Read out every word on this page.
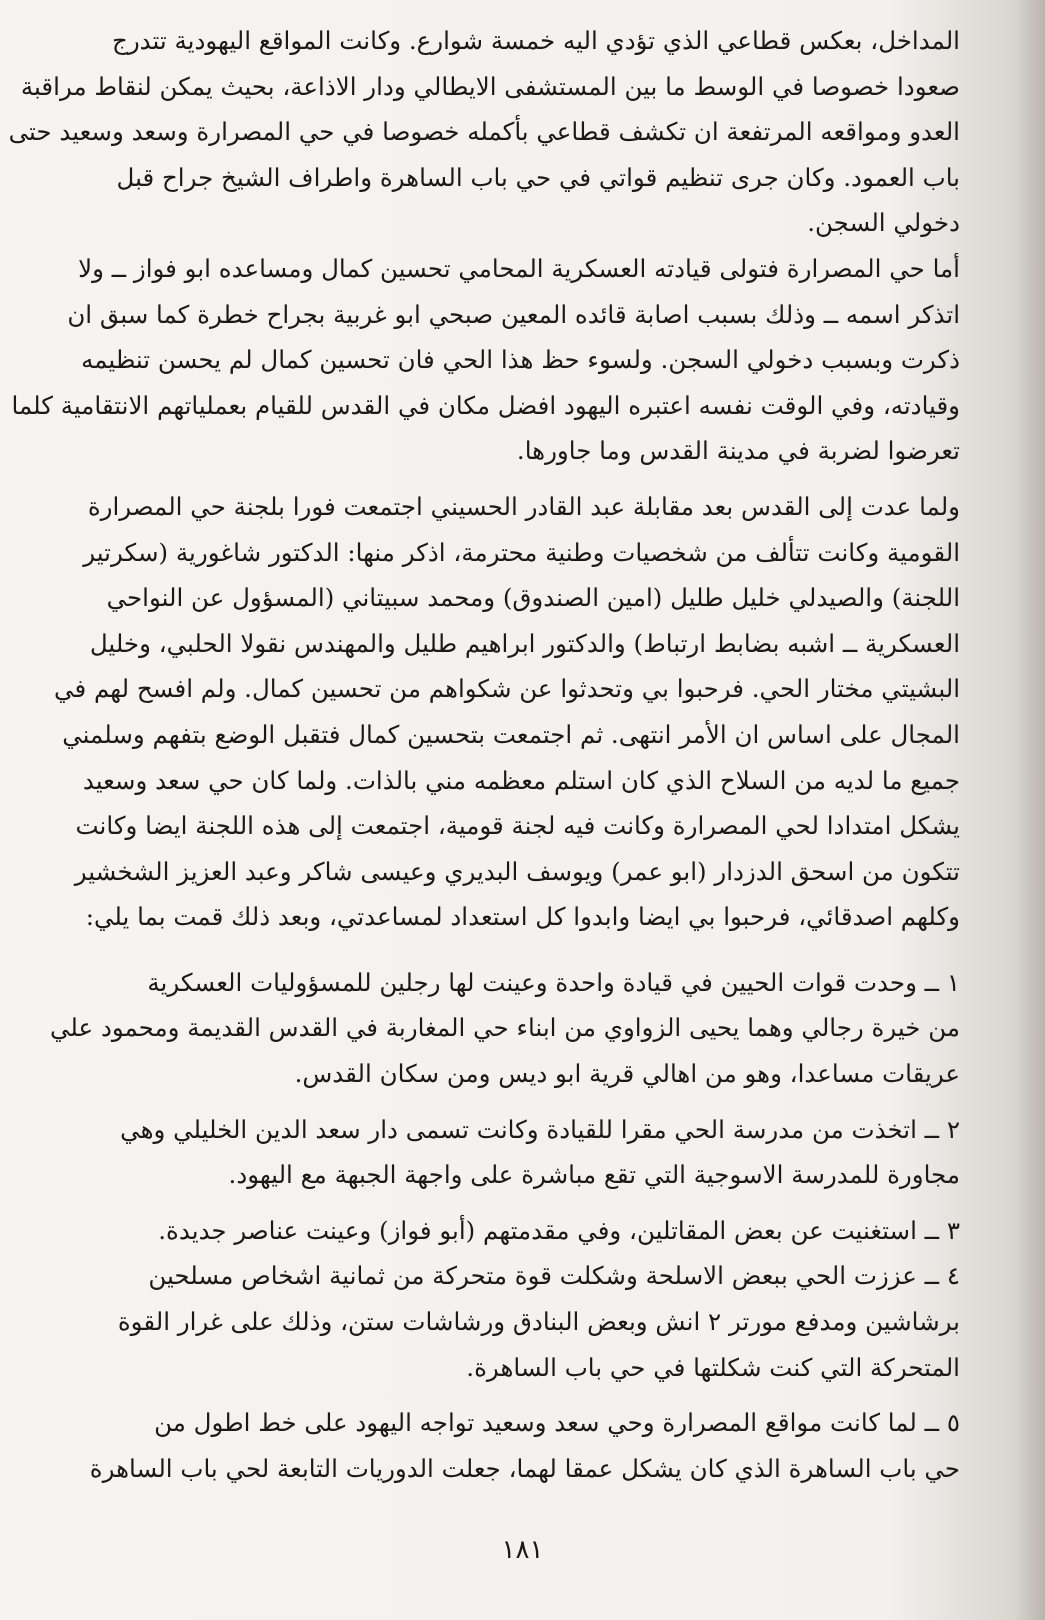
المداخل، بعكس قطاعي الذي تؤدي اليه خمسة شوارع. وكانت المواقع اليهودية تتدرج
صعودا خصوصا في الوسط ما بين المستشفى الايطالي ودار الاذاعة، بحيث يمكن لنقاط مراقبة
العدو ومواقعه المرتفعة ان تكشف قطاعي بأكمله خصوصا في حي المصرارة وسعد وسعيد حتى
باب العمود. وكان جرى تنظيم قواتي في حي باب الساهرة واطراف الشيخ جراح قبل
دخولي السجن.

أما حي المصرارة فتولى قيادته العسكرية المحامي تحسين كمال ومساعده ابو فواز ــ ولا
اتذكر اسمه ــ وذلك بسبب اصابة قائده المعين صبحي ابو غربية بجراح خطرة كما سبق ان
ذكرت وبسبب دخولي السجن. ولسوء حظ هذا الحي فان تحسين كمال لم يحسن تنظيمه
وقيادته، وفي الوقت نفسه اعتبره اليهود افضل مكان في القدس للقيام بعملياتهم الانتقامية كلما
تعرضوا لضربة في مدينة القدس وما جاورها.

ولما عدت إلى القدس بعد مقابلة عبد القادر الحسيني اجتمعت فورا بلجنة حي المصرارة
القومية وكانت تتألف من شخصيات وطنية محترمة، اذكر منها: الدكتور شاغورية (سكرتير
اللجنة) والصيدلي خليل طليل (امين الصندوق) ومحمد سبيتاني (المسؤول عن النواحي
العسكرية ــ اشبه بضابط ارتباط) والدكتور ابراهيم طليل والمهندس نقولا الحلبي، وخليل
البشيتي مختار الحي. فرحبوا بي وتحدثوا عن شكواهم من تحسين كمال. ولم افسح لهم في
المجال على اساس ان الأمر انتهى. ثم اجتمعت بتحسين كمال فتقبل الوضع بتفهم وسلمني
جميع ما لديه من السلاح الذي كان استلم معظمه مني بالذات. ولما كان حي سعد وسعيد
يشكل امتدادا لحي المصرارة وكانت فيه لجنة قومية، اجتمعت إلى هذه اللجنة ايضا وكانت
تتكون من اسحق الدزدار (ابو عمر) ويوسف البديري وعيسى شاكر وعبد العزيز الشخشير
وكلهم اصدقائي، فرحبوا بي ايضا وابدوا كل استعداد لمساعدتي، وبعد ذلك قمت بما يلي:

١ ــ وحدت قوات الحيين في قيادة واحدة وعينت لها رجلين للمسؤوليات العسكرية
من خيرة رجالي وهما يحيى الزواوي من ابناء حي المغاربة في القدس القديمة ومحمود علي
عريقات مساعدا، وهو من اهالي قرية ابو ديس ومن سكان القدس.

٢ ــ اتخذت من مدرسة الحي مقرا للقيادة وكانت تسمى دار سعد الدين الخليلي وهي
مجاورة للمدرسة الاسوجية التي تقع مباشرة على واجهة الجبهة مع اليهود.

٣ ــ استغنيت عن بعض المقاتلين، وفي مقدمتهم (أبو فواز) وعينت عناصر جديدة.

٤ ــ عززت الحي ببعض الاسلحة وشكلت قوة متحركة من ثمانية اشخاص مسلحين
برشاشين ومدفع مورتر ٢ انش وبعض البنادق ورشاشات ستن، وذلك على غرار القوة
المتحركة التي كنت شكلتها في حي باب الساهرة.

٥ ــ لما كانت مواقع المصرارة وحي سعد وسعيد تواجه اليهود على خط اطول من
حي باب الساهرة الذي كان يشكل عمقا لهما، جعلت الدوريات التابعة لحي باب الساهرة

١٨١
